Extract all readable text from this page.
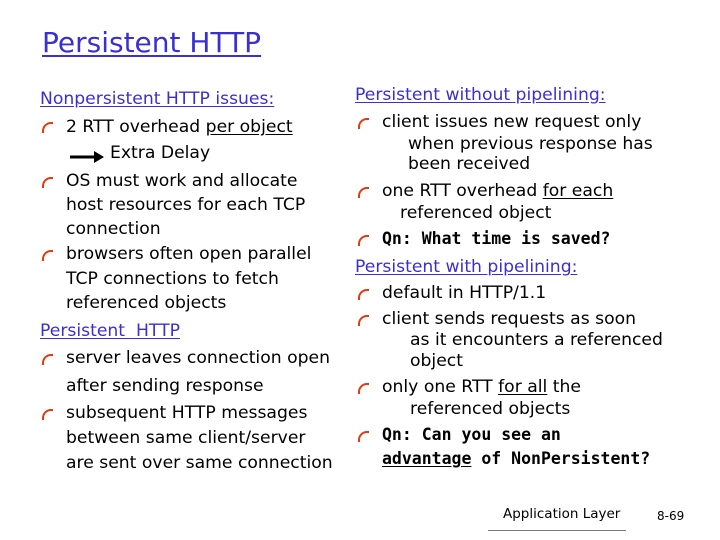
Persistent HTTP
Nonpersistent HTTP issues:
2 RTT overhead per object
Extra Delay
OS must work and allocate
host resources for each TCP
connection
browsers often open parallel
TCP connections to fetch
referenced objects
Persistent  HTTP
server leaves connection open
after sending response
subsequent HTTP messages
between same client/server
are sent over same connection
Persistent without pipelining:
client issues new request only
when previous response has
been received
one RTT overhead for each
referenced object
Qn: What time is saved?
Persistent with pipelining:
default in HTTP/1.1
client sends requests as soon
as it encounters a referenced
object
only one RTT for all the
referenced objects
Qn: Can you see an
advantage of NonPersistent?
Application Layer	8-69
